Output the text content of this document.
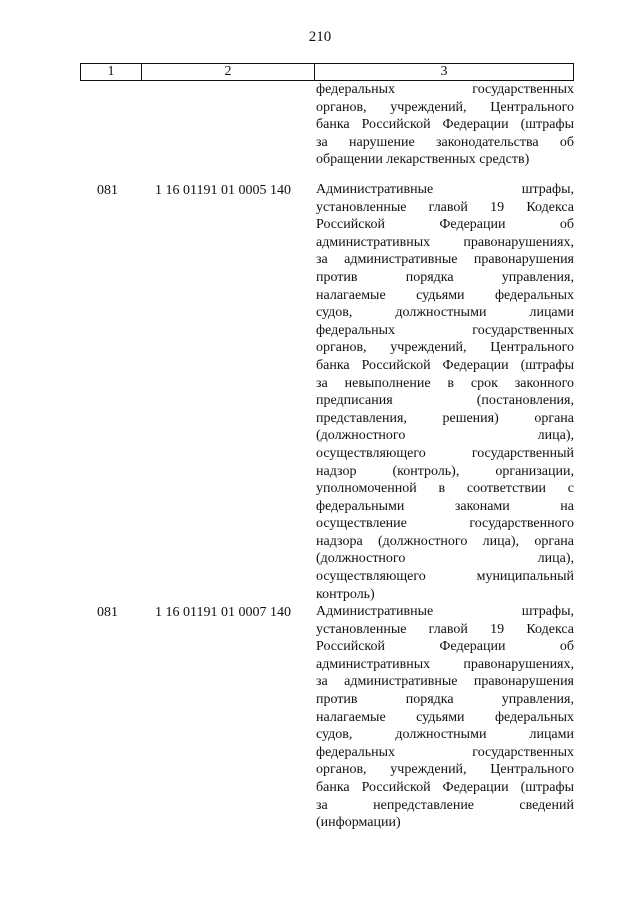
210
1	2	3
федеральных государственных
органов, учреждений, Центрального
банка Российской Федерации (штрафы
за нарушение законодательства об
обращении лекарственных средств)
081	1 16 01191 01 0005 140 Административные штрафы,
установленные главой 19 Кодекса
Российской Федерации об
административных правонарушениях,
за административные правонарушения
против порядка управления,
налагаемые судьями федеральных
судов, должностными лицами
федеральных государственных
органов, учреждений, Центрального
банка Российской Федерации (штрафы
за невыполнение в срок законного
предписания (постановления,
представления, решения) органа
(должностного лица),
осуществляющего государственный
надзор (контроль), организации,
уполномоченной в соответствии с
федеральными законами на
осуществление государственного
надзора (должностного лица), органа
(должностного лица),
осуществляющего муниципальный
контроль)
081	1 16 01191 01 0007 140 Административные штрафы,
установленные главой 19 Кодекса
Российской Федерации об
административных правонарушениях,
за административные правонарушения
против порядка управления,
налагаемые судьями федеральных
судов, должностными лицами
федеральных государственных
органов, учреждений, Центрального
банка Российской Федерации (штрафы
за непредставление сведений
(информации)
